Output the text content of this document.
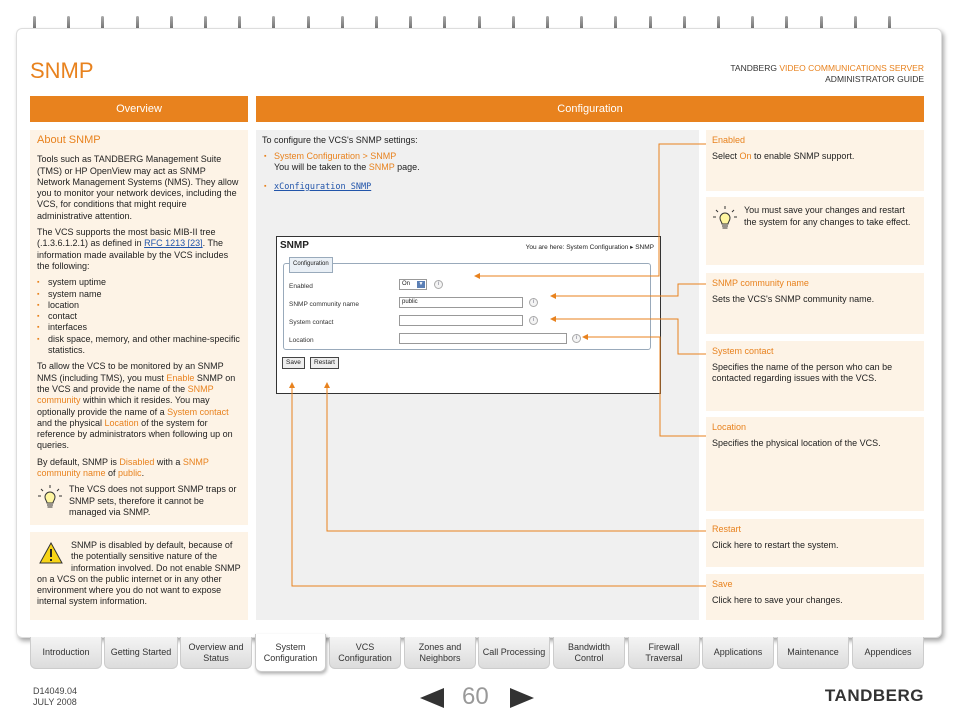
SNMP	TANDBERG VIDEO COMMUNICATIONS SERVER
ADMINISTRATOR GUIDE
Overview	Configuration
About SNMP

Tools such as TANDBERG Management Suite (TMS) or HP OpenView may act as SNMP Network Management Systems (NMS). They allow you to monitor your network devices, including the VCS, for conditions that might require administrative attention.

The VCS supports the most basic MIB-II tree (.1.3.6.1.2.1) as defined in RFC 1213 [23]. The information made available by the VCS includes the following:

▪ system uptime
▪ system name
▪ location
▪ contact
▪ interfaces
▪ disk space, memory, and other machine-specific statistics.

To allow the VCS to be monitored by an SNMP NMS (including TMS), you must Enable SNMP on the VCS and provide the name of the SNMP community within which it resides. You may optionally provide the name of a System contact and the physical Location of the system for reference by administrators when following up on queries.

By default, SNMP is Disabled with a SNMP community name of public.

The VCS does not support SNMP traps or SNMP sets, therefore it cannot be managed via SNMP.
SNMP is disabled by default, because of the potentially sensitive nature of the information involved. Do not enable SNMP on a VCS on the public internet or in any other environment where you do not want to expose internal system information.
To configure the VCS's SNMP settings:
▪ System Configuration > SNMP
You will be taken to the SNMP page.
▪ xConfiguration SNMP
SNMP	You are here: System Configuration ▸ SNMP
Configuration
Enabled	On	▼	i
SNMP community name	public	i
System contact	i
Location	i
Save	Restart
Enabled
Select On to enable SNMP support.
You must save your changes and restart the system for any changes to take effect.
SNMP community name
Sets the VCS's SNMP community name.
System contact
Specifies the name of the person who can be contacted regarding issues with the VCS.
Location
Specifies the physical location of the VCS.
Restart
Click here to restart the system.
Save
Click here to save your changes.
Introduction	Getting Started
Overview and Status
System Configuration
VCS Configuration
Zones and Neighbors
Call Processing
Bandwidth Control
Firewall Traversal
Applications	Maintenance	Appendices
D14049.04
JULY 2008	60	TANDBERG
